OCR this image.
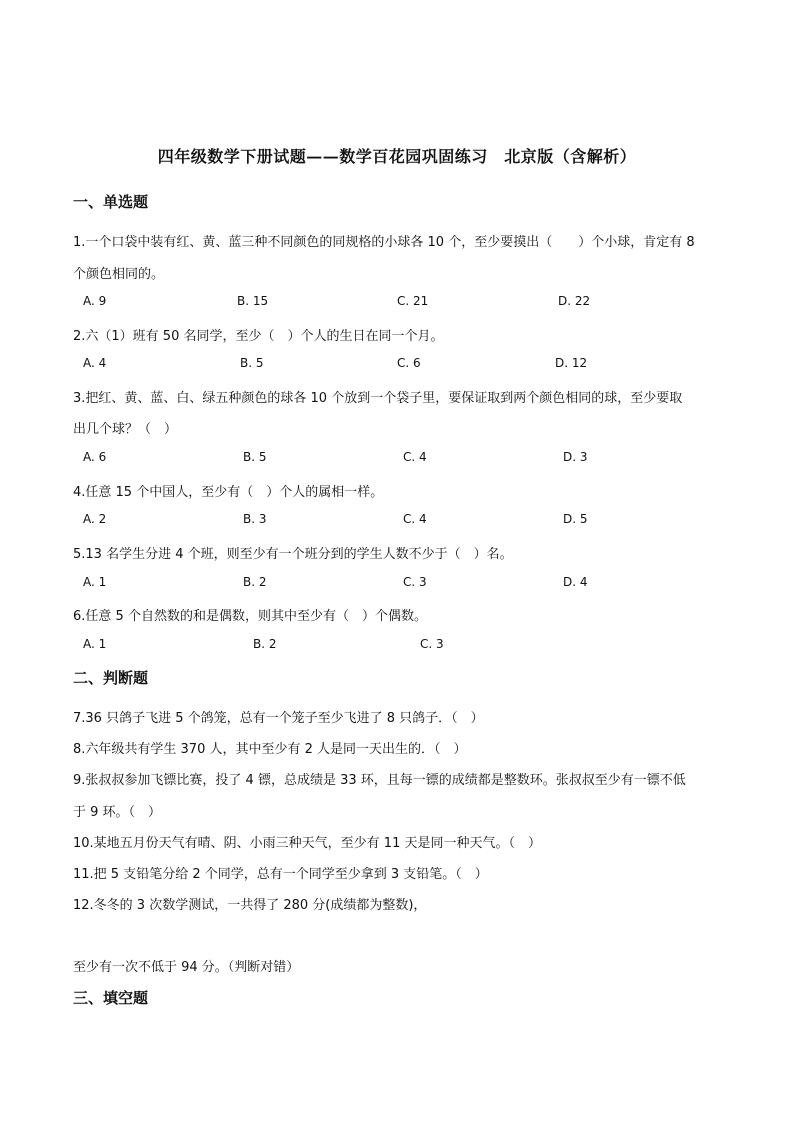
四年级数学下册试题——数学百花园巩固练习　北京版（含解析）
一、单选题
1.一个口袋中装有红、黄、蓝三种不同颜色的同规格的小球各 10 个，至少要摸出（　　）个小球，肯定有 8
个颜色相同的。
A. 9	B. 15	C. 21	D. 22
2.六（1）班有 50 名同学，至少（　）个人的生日在同一个月。
A. 4	B. 5	C. 6	D. 12
3.把红、黄、蓝、白、绿五种颜色的球各 10 个放到一个袋子里，要保证取到两个颜色相同的球，至少要取
出几个球？（　）
A. 6	B. 5	C. 4	D. 3
4.任意 15 个中国人，至少有（　）个人的属相一样。
A. 2	B. 3	C. 4	D. 5
5.13 名学生分进 4 个班，则至少有一个班分到的学生人数不少于（　）名。
A. 1	B. 2	C. 3	D. 4
6.任意 5 个自然数的和是偶数，则其中至少有（　）个偶数。
A. 1	B. 2	C. 3
二、判断题
7.36 只鸽子飞进 5 个鸽笼，总有一个笼子至少飞进了 8 只鸽子．（　）
8.六年级共有学生 370 人，其中至少有 2 人是同一天出生的．（　）
9.张叔叔参加飞镖比赛，投了 4 镖，总成绩是 33 环，且每一镖的成绩都是整数环。张叔叔至少有一镖不低
于 9 环。（　）
10.某地五月份天气有晴、阴、小雨三种天气，至少有 11 天是同一种天气。（　）
11.把 5 支铅笔分给 2 个同学，总有一个同学至少拿到 3 支铅笔。（　）
12.冬冬的 3 次数学测试，一共得了 280 分(成绩都为整数)，
至少有一次不低于 94 分。（判断对错）
三、填空题
